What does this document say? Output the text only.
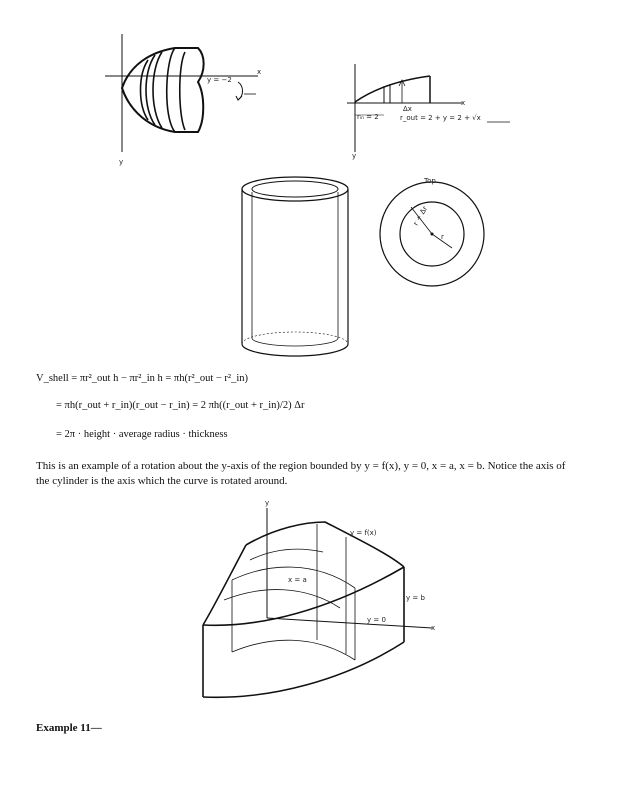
x
y
y = −2
x
y
rᵢₙ = 2
Δx
r_out = 2 + y = 2 + √x
Top
r
r + Δr
y
x
y = f(x)
x = a
y = b
y = 0
V_shell = πr²_out h − πr²_in h = πh(r²_out − r²_in)
= πh(r_out + r_in)(r_out − r_in) = 2 πh((r_out + r_in)/2) Δr
= 2π · height · average radius · thickness
This is an example of a rotation about the y-axis of the region bounded by y = f(x), y = 0, x = a, x = b. Notice the axis of the cylinder is the axis which the curve is rotated around.
Example 11—
